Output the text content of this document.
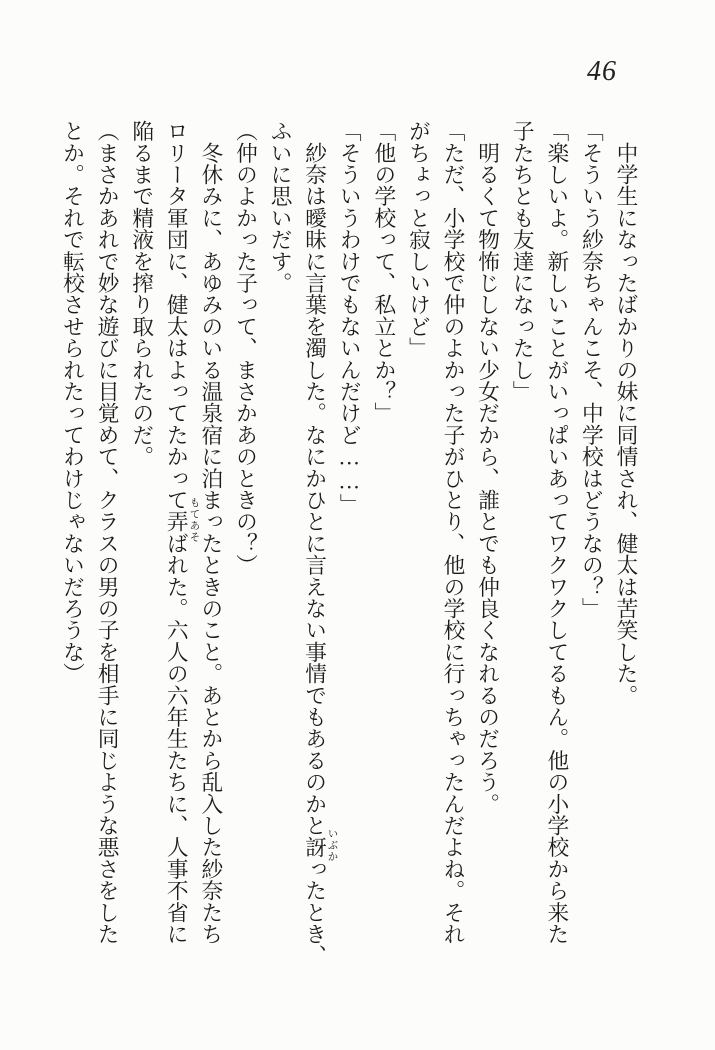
46

　中学生になったばかりの妹に同情され、健太は苦笑した。

「そういう紗奈ちゃんこそ、中学校はどうなの？」

「楽しいよ。新しいことがいっぱいあってワクワクしてるもん。他の小学校から来た

子たちとも友達になったし」

　明るくて物怖じしない少女だから、誰とでも仲良くなれるのだろう。

「ただ、小学校で仲のよかった子がひとり、他の学校に行っちゃったんだよね。それ

がちょっと寂しいけど」

「他の学校って、私立とか？」

「そういうわけでもないんだけど……」

　紗奈は曖昧に言葉を濁した。なにかひとに言えない事情でもあるのかと訝ったとき、

ふいに思いだす。

（仲のよかった子って、まさかあのときの？）

　冬休みに、あゆみのいる温泉宿に泊まったときのこと。あとから乱入した紗奈たち

ロリータ軍団に、健太はよってたかって弄ばれた。六人の六年生たちに、人事不省に

陥るまで精液を搾り取られたのだ。

（まさかあれで妙な遊びに目覚めて、クラスの男の子を相手に同じような悪さをした

とか。それで転校させられたってわけじゃないだろうな）

いぶか
もてあそ
